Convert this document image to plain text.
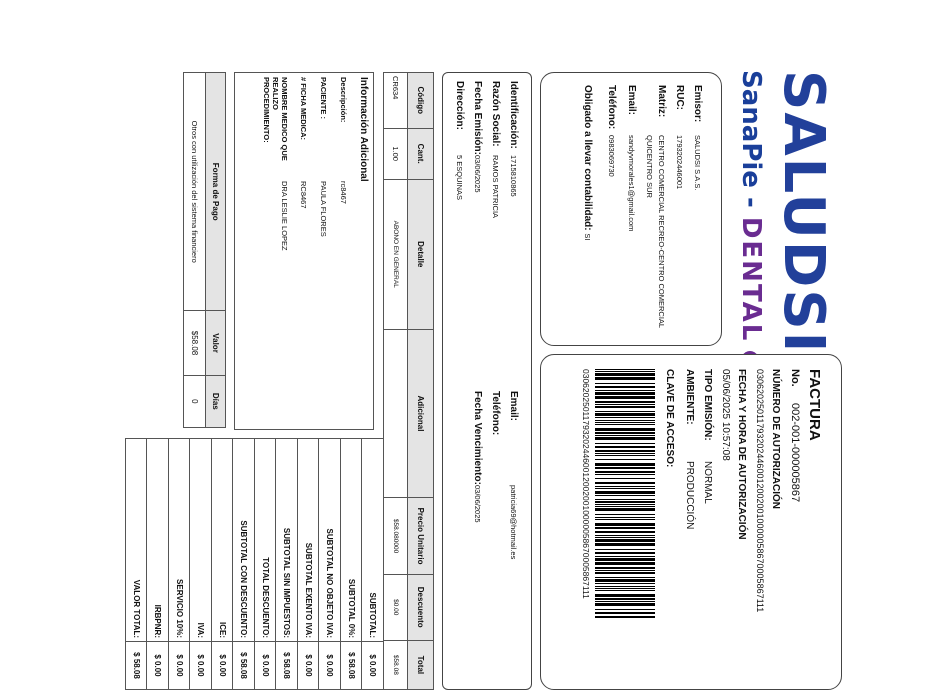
SALUDSI
SanaPie - DENTAL
Emisor:SALUDSI S.A.S.
RUC:1793202446001
Matriz:CENTRO COMERCIAL RECREO-CENTRO COMERCIAL
QUICENTRO SUR
Email:sandyvmorales1@gmail.com
Teléfono:0983069730
Obligado a llevar contabilidad: SI
FACTURA
No.002-001-000005867
NÚMERO DE AUTORIZACIÓN
0306202501179320244600120020010000058670005867111
FECHA Y HORA DE AUTORIZACIÓN
05/06/2025 10:57:08
TIPO EMISIÓN:NORMAL
AMBIENTE:PRODUCCIÓN
CLAVE DE ACCESO:
0306202501179320244600120020010000058670005867111
Identificación:1715810865
Razón Social:RAMOS PATRICIA
Fecha Emisión:03/06/2025
Dirección:5 ESQUINAS
Email:patricia69@hotmail.es
Teléfono:
Fecha Vencimiento:03/06/2025
Código	Cant.	Detalle	Adicional	Precio Unitario	Descuento	Total
CR634	1.00	ABONO EN GENERAL		$58.080000	$0.00	$58.08
Información Adicional
Descripción:rc8467
PACIENTE :PAULA FLORES
# FICHA MEDICA:RC8467
NOMBRE MEDICO QUE REALIZO PROCEDIMIENTO:
DRA LESLIE LOPEZ
Forma de Pago	Valor	Días
Otros con utilización del sistema financiero	$58.08	0
SUBTOTAL:	$ 0.00
SUBTOTAL 0%:	$ 58.08
SUBTOTAL NO OBJETO IVA:	$ 0.00
SUBTOTAL EXENTO IVA:	$ 0.00
SUBTOTAL SIN IMPUESTOS:	$ 58.08
TOTAL DESCUENTO:	$ 0.00
SUBTOTAL CON DESCUENTO:	$ 58.08
ICE:	$ 0.00
IVA:	$ 0.00
SERVICIO 10%:	$ 0.00
IRBPNR:	$ 0.00
VALOR TOTAL:	$ 58.08
